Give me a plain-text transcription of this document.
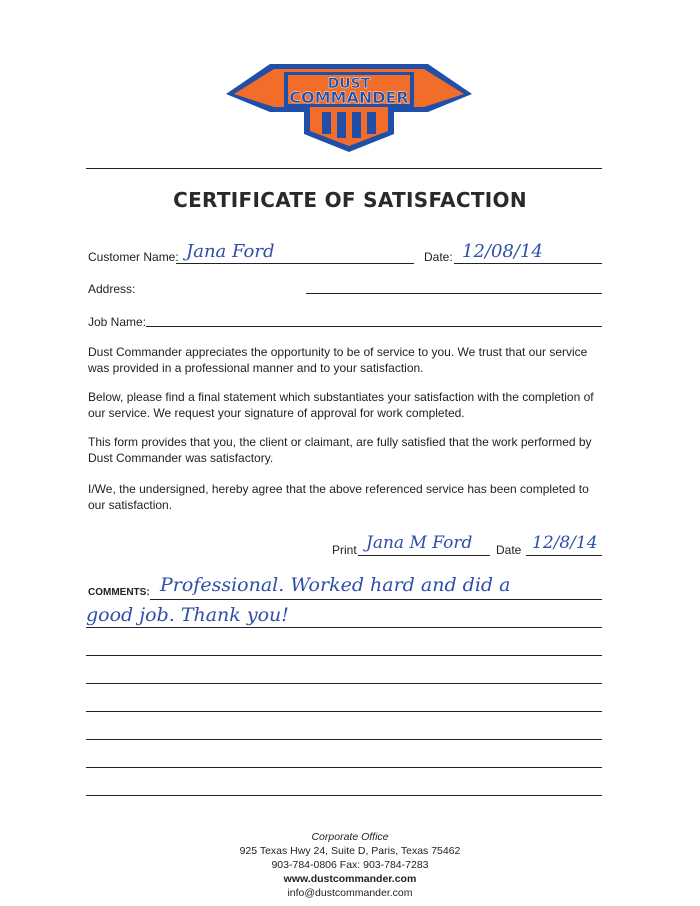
DUST
COMMANDER
CERTIFICATE OF SATISFACTION
Customer Name: Jana Ford	Date: 12/08/14
Address:
Job Name:
Dust Commander appreciates the opportunity to be of service to you. We trust that our service was provided in a professional manner and to your satisfaction.
Below, please find a final statement which substantiates your satisfaction with the completion of our service. We request your signature of approval for work completed.
This form provides that you, the client or claimant, are fully satisfied that the work performed by Dust Commander was satisfactory.
I/We, the undersigned, hereby agree that the above referenced service has been completed to our satisfaction.
Print Jana M Ford Date 12/8/14
COMMENTS: Professional. Worked hard and did a
good job. Thank you!
Corporate Office
925 Texas Hwy 24, Suite D, Paris, Texas 75462
903-784-0806 Fax: 903-784-7283
www.dustcommander.com
info@dustcommander.com
